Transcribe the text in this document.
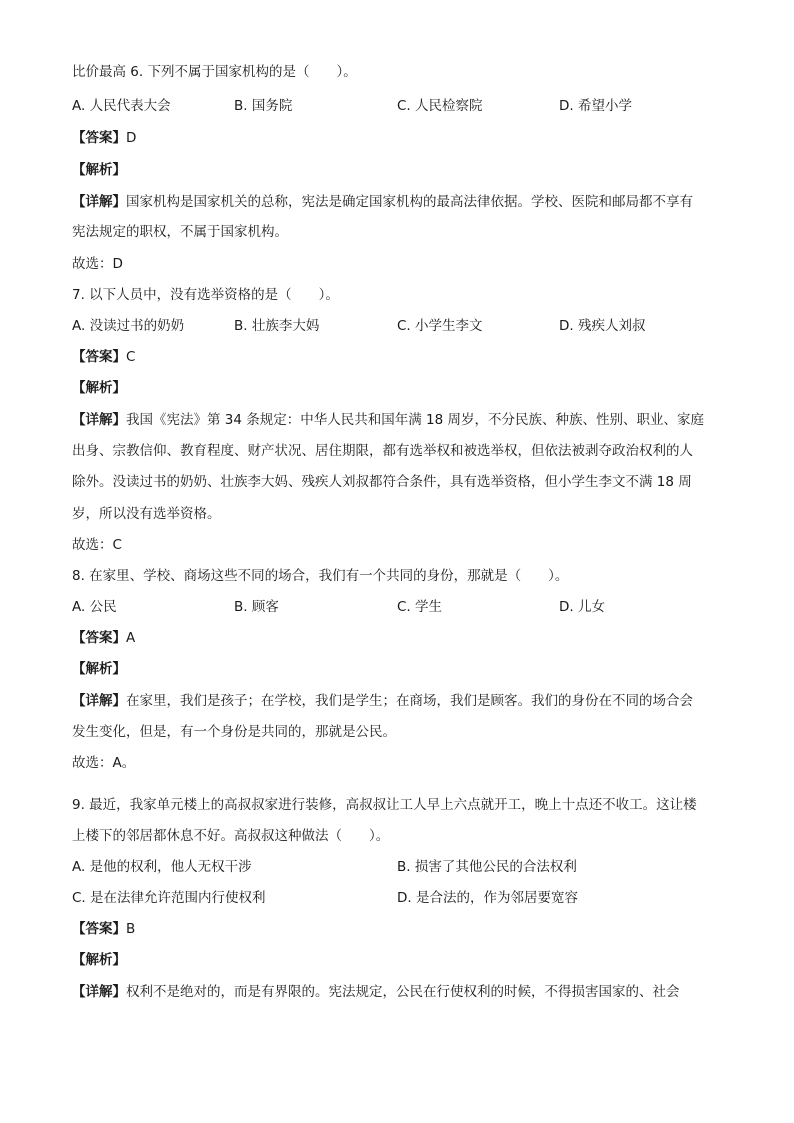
比价最高 6. 下列不属于国家机构的是（　　）。
A. 人民代表大会	B. 国务院	C. 人民检察院	D. 希望小学
【答案】D
【解析】
【详解】国家机构是国家机关的总称，宪法是确定国家机构的最高法律依据。学校、医院和邮局都不享有
宪法规定的职权，不属于国家机构。
故选：D
7. 以下人员中，没有选举资格的是（　　）。
A. 没读过书的奶奶	B. 壮族李大妈	C. 小学生李文	D. 残疾人刘叔
【答案】C
【解析】
【详解】我国《宪法》第 34 条规定：中华人民共和国年满 18 周岁，不分民族、种族、性别、职业、家庭
出身、宗教信仰、教育程度、财产状况、居住期限，都有选举权和被选举权，但依法被剥夺政治权利的人
除外。没读过书的奶奶、壮族李大妈、残疾人刘叔都符合条件，具有选举资格，但小学生李文不满 18 周
岁，所以没有选举资格。
故选：C
8. 在家里、学校、商场这些不同的场合，我们有一个共同的身份，那就是（　　）。
A. 公民	B. 顾客	C. 学生	D. 儿女
【答案】A
【解析】
【详解】在家里，我们是孩子；在学校，我们是学生；在商场，我们是顾客。我们的身份在不同的场合会
发生变化，但是，有一个身份是共同的，那就是公民。
故选：A。
9. 最近，我家单元楼上的高叔叔家进行装修，高叔叔让工人早上六点就开工，晚上十点还不收工。这让楼
上楼下的邻居都休息不好。高叔叔这种做法（　　）。
A. 是他的权利，他人无权干涉	B. 损害了其他公民的合法权利
C. 是在法律允许范围内行使权利	D. 是合法的，作为邻居要宽容
【答案】B
【解析】
【详解】权利不是绝对的，而是有界限的。宪法规定，公民在行使权利的时候，不得损害国家的、社会
